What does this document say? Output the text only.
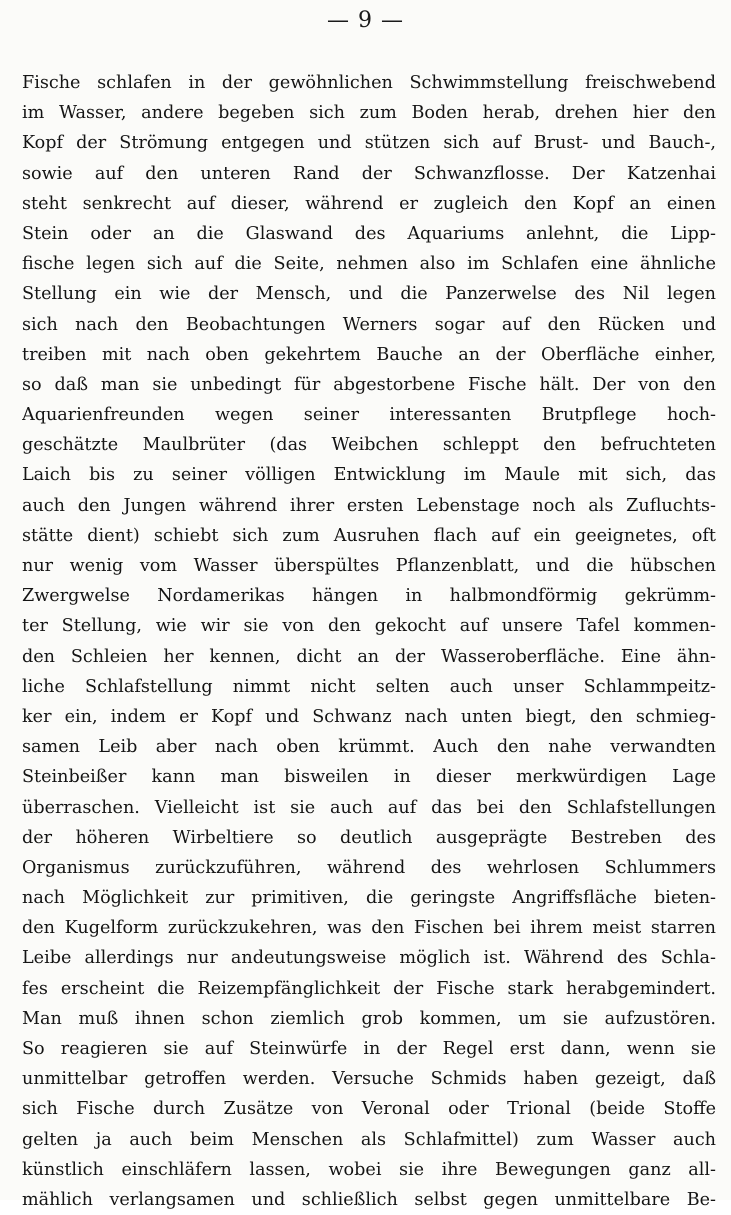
— 9 —
Fische schlafen in der gewöhnlichen Schwimmstellung freischwebend
im Wasser, andere begeben sich zum Boden herab, drehen hier den
Kopf der Strömung entgegen und stützen sich auf Brust- und Bauch-,
sowie auf den unteren Rand der Schwanzflosse. Der Katzenhai
steht senkrecht auf dieser, während er zugleich den Kopf an einen
Stein oder an die Glaswand des Aquariums anlehnt, die Lipp-
fische legen sich auf die Seite, nehmen also im Schlafen eine ähnliche
Stellung ein wie der Mensch, und die Panzerwelse des Nil legen
sich nach den Beobachtungen Werners sogar auf den Rücken und
treiben mit nach oben gekehrtem Bauche an der Oberfläche einher,
so daß man sie unbedingt für abgestorbene Fische hält. Der von den
Aquarienfreunden wegen seiner interessanten Brutpflege hoch-
geschätzte Maulbrüter (das Weibchen schleppt den befruchteten
Laich bis zu seiner völligen Entwicklung im Maule mit sich, das
auch den Jungen während ihrer ersten Lebenstage noch als Zufluchts-
stätte dient) schiebt sich zum Ausruhen flach auf ein geeignetes, oft
nur wenig vom Wasser überspültes Pflanzenblatt, und die hübschen
Zwergwelse Nordamerikas hängen in halbmondförmig gekrümm-
ter Stellung, wie wir sie von den gekocht auf unsere Tafel kommen-
den Schleien her kennen, dicht an der Wasseroberfläche. Eine ähn-
liche Schlafstellung nimmt nicht selten auch unser Schlammpeitz-
ker ein, indem er Kopf und Schwanz nach unten biegt, den schmieg-
samen Leib aber nach oben krümmt. Auch den nahe verwandten
Steinbeißer kann man bisweilen in dieser merkwürdigen Lage
überraschen. Vielleicht ist sie auch auf das bei den Schlafstellungen
der höheren Wirbeltiere so deutlich ausgeprägte Bestreben des
Organismus zurückzuführen, während des wehrlosen Schlummers
nach Möglichkeit zur primitiven, die geringste Angriffsfläche bieten-
den Kugelform zurückzukehren, was den Fischen bei ihrem meist starren
Leibe allerdings nur andeutungsweise möglich ist. Während des Schla-
fes erscheint die Reizempfänglichkeit der Fische stark herabgemindert.
Man muß ihnen schon ziemlich grob kommen, um sie aufzustören.
So reagieren sie auf Steinwürfe in der Regel erst dann, wenn sie
unmittelbar getroffen werden. Versuche Schmids haben gezeigt, daß
sich Fische durch Zusätze von Veronal oder Trional (beide Stoffe
gelten ja auch beim Menschen als Schlafmittel) zum Wasser auch
künstlich einschläfern lassen, wobei sie ihre Bewegungen ganz all-
mählich verlangsamen und schließlich selbst gegen unmittelbare Be-
